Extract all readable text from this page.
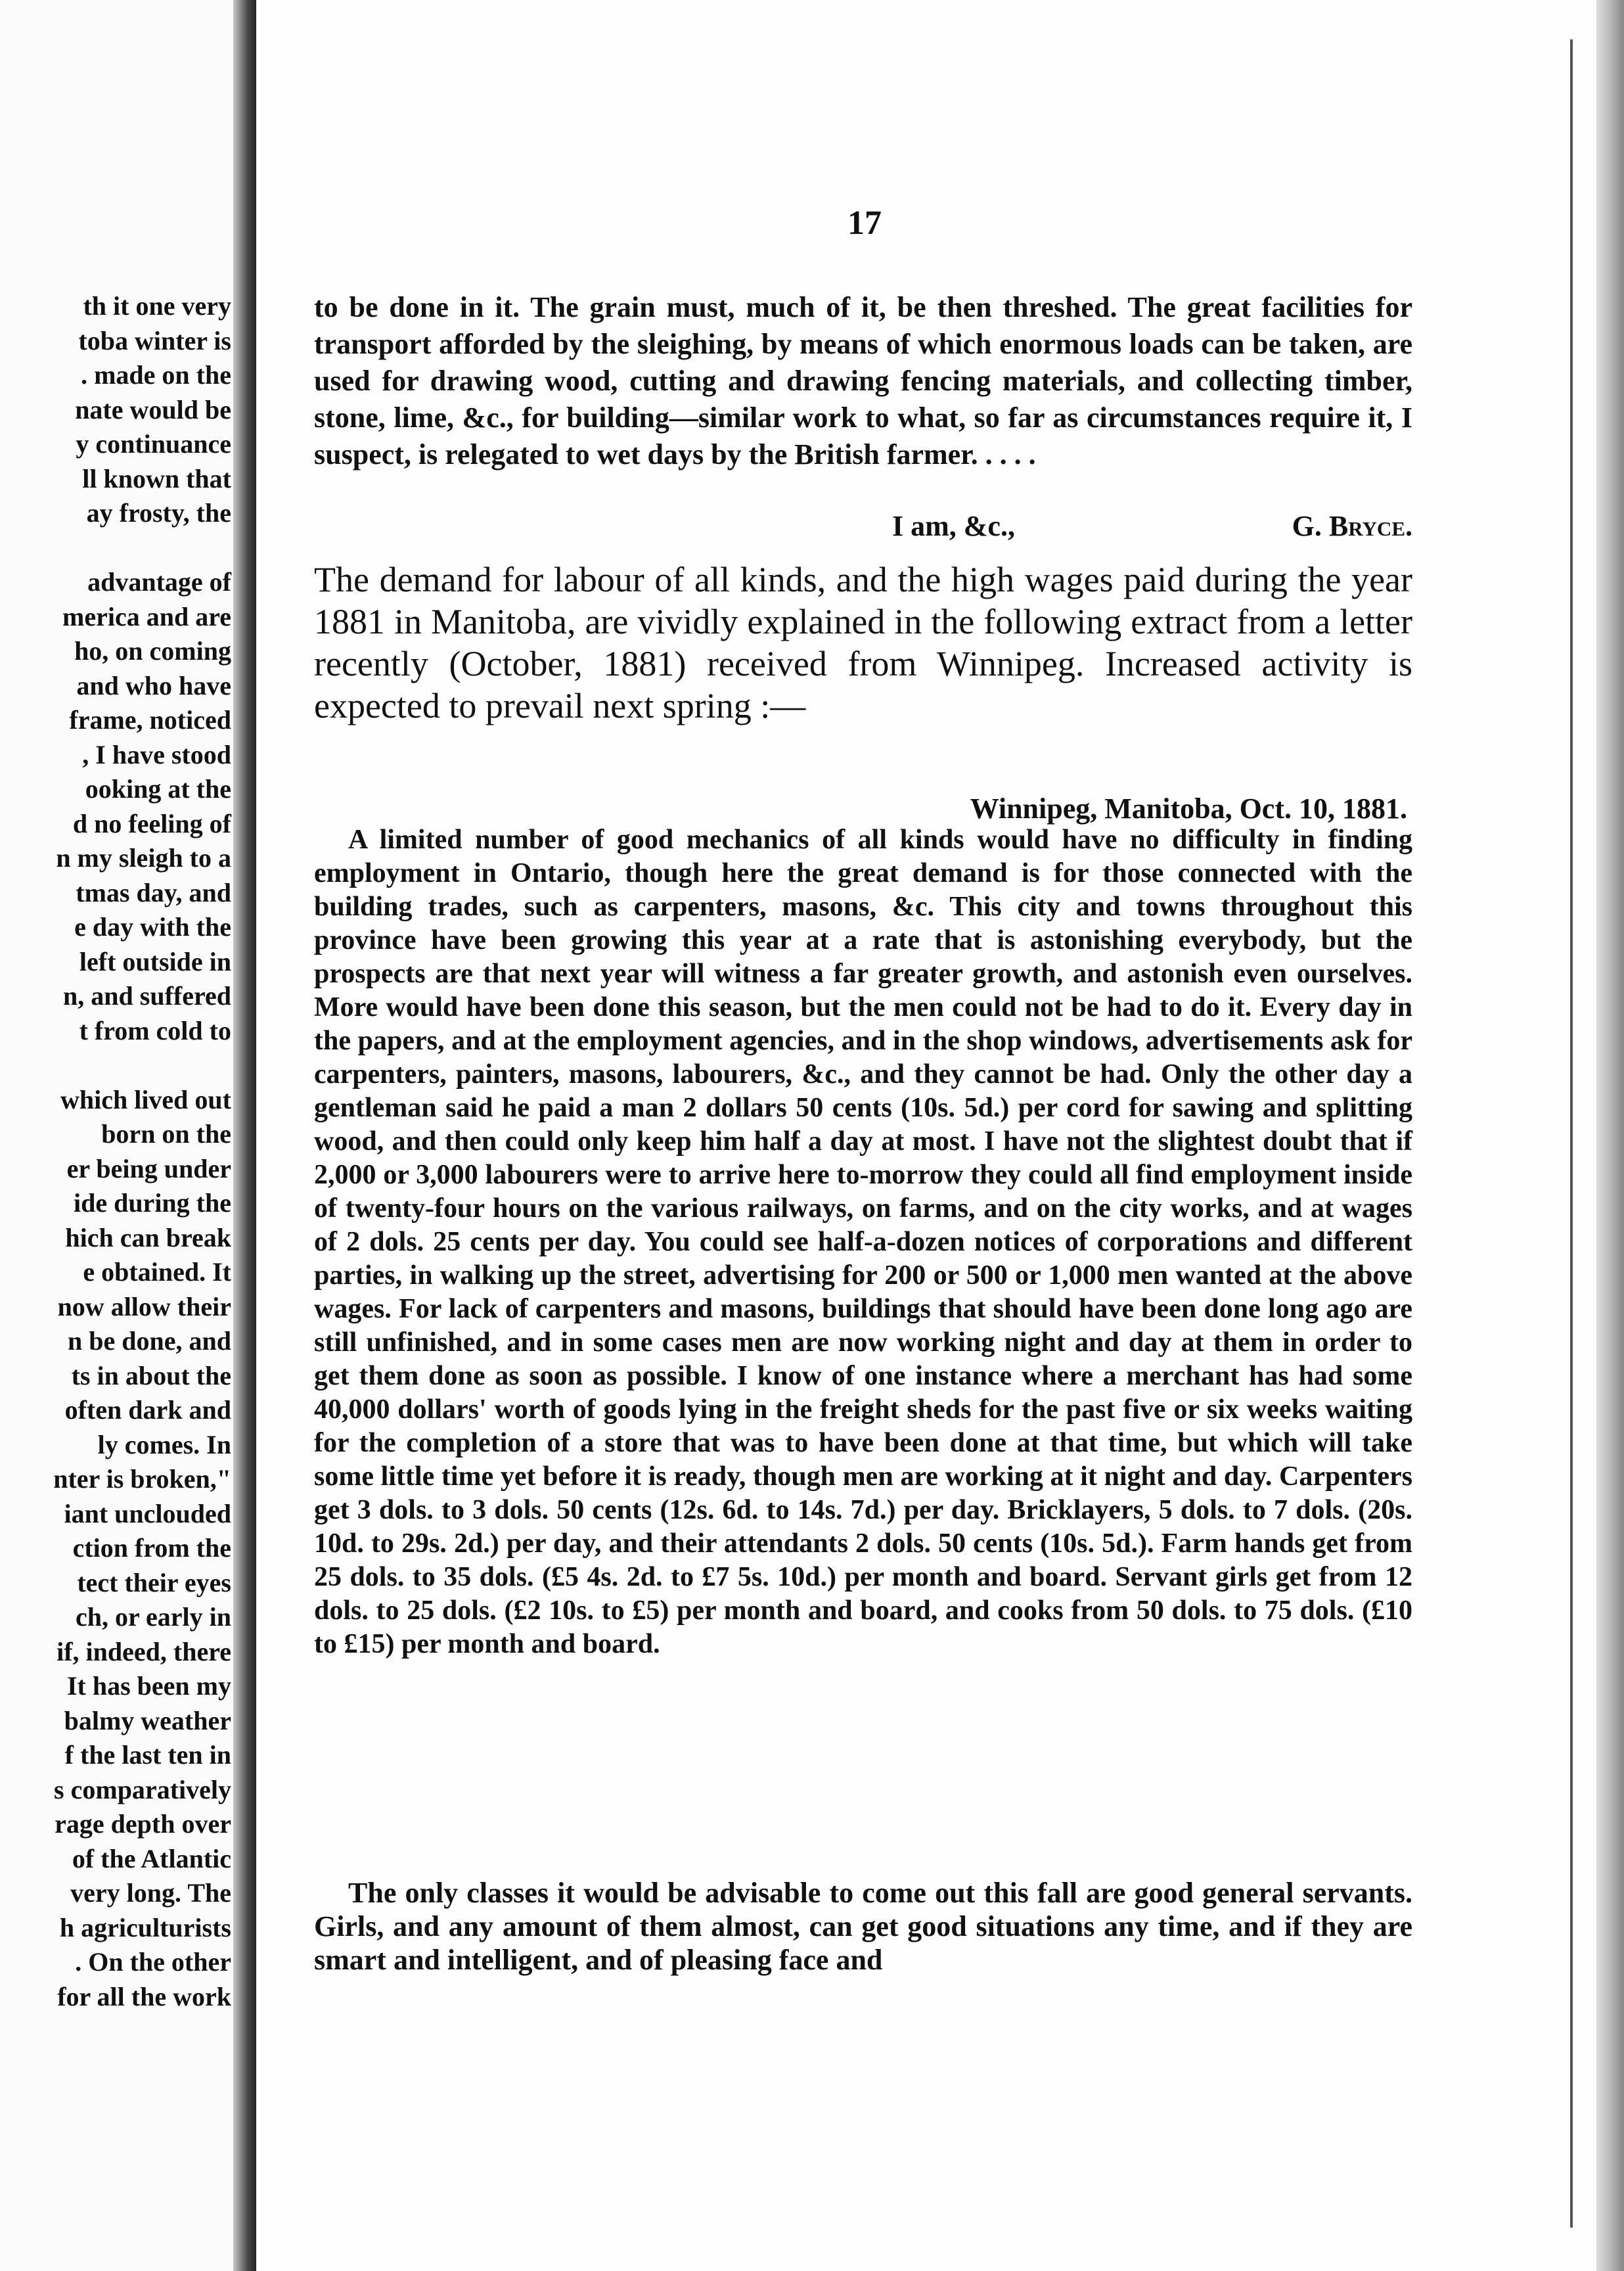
th it one very
toba winter is
. made on the
nate would be
y continuance
ll known that
ay frosty, the
advantage of
merica and are
ho, on coming
and who have
frame, noticed
, I have stood
ooking at the
d no feeling of
n my sleigh to a
tmas day, and
e day with the
left outside in
n, and suffered
t from cold to
which lived out
born on the
er being under
ide during the
hich can break
e obtained. It
now allow their
n be done, and
ts in about the
often dark and
ly comes. In
nter is broken,"
iant unclouded
ction from the
tect their eyes
ch, or early in
if, indeed, there
It has been my
balmy weather
f the last ten in
s comparatively
rage depth over
of the Atlantic
very long. The
h agriculturists
. On the other
for all the work
17

to be done in it. The grain must, much of it, be then threshed. The great facilities for transport afforded by the sleighing, by means of which enormous loads can be taken, are used for drawing wood, cutting and drawing fencing materials, and collecting timber, stone, lime, &c., for building—similar work to what, so far as circumstances require it, I suspect, is relegated to wet days by the British farmer. . . . .

I am, &c.,	G. Bryce.

The demand for labour of all kinds, and the high wages paid during the year 1881 in Manitoba, are vividly explained in the following extract from a letter recently (October, 1881) received from Winnipeg. Increased activity is expected to prevail next spring :—

Winnipeg, Manitoba, Oct. 10, 1881.

A limited number of good mechanics of all kinds would have no difficulty in finding employment in Ontario, though here the great demand is for those connected with the building trades, such as carpenters, masons, &c. This city and towns throughout this province have been growing this year at a rate that is astonishing everybody, but the prospects are that next year will witness a far greater growth, and astonish even ourselves. More would have been done this season, but the men could not be had to do it. Every day in the papers, and at the employment agencies, and in the shop windows, advertisements ask for carpenters, painters, masons, labourers, &c., and they cannot be had. Only the other day a gentleman said he paid a man 2 dollars 50 cents (10s. 5d.) per cord for sawing and splitting wood, and then could only keep him half a day at most. I have not the slightest doubt that if 2,000 or 3,000 labourers were to arrive here to-morrow they could all find employment inside of twenty-four hours on the various railways, on farms, and on the city works, and at wages of 2 dols. 25 cents per day. You could see half-a-dozen notices of corporations and different parties, in walking up the street, advertising for 200 or 500 or 1,000 men wanted at the above wages. For lack of carpenters and masons, buildings that should have been done long ago are still unfinished, and in some cases men are now working night and day at them in order to get them done as soon as possible. I know of one instance where a merchant has had some 40,000 dollars' worth of goods lying in the freight sheds for the past five or six weeks waiting for the completion of a store that was to have been done at that time, but which will take some little time yet before it is ready, though men are working at it night and day. Carpenters get 3 dols. to 3 dols. 50 cents (12s. 6d. to 14s. 7d.) per day. Bricklayers, 5 dols. to 7 dols. (20s. 10d. to 29s. 2d.) per day, and their attendants 2 dols. 50 cents (10s. 5d.). Farm hands get from 25 dols. to 35 dols. (£5 4s. 2d. to £7 5s. 10d.) per month and board. Servant girls get from 12 dols. to 25 dols. (£2 10s. to £5) per month and board, and cooks from 50 dols. to 75 dols. (£10 to £15) per month and board.

The only classes it would be advisable to come out this fall are good general servants. Girls, and any amount of them almost, can get good situations any time, and if they are smart and intelligent, and of pleasing face and
